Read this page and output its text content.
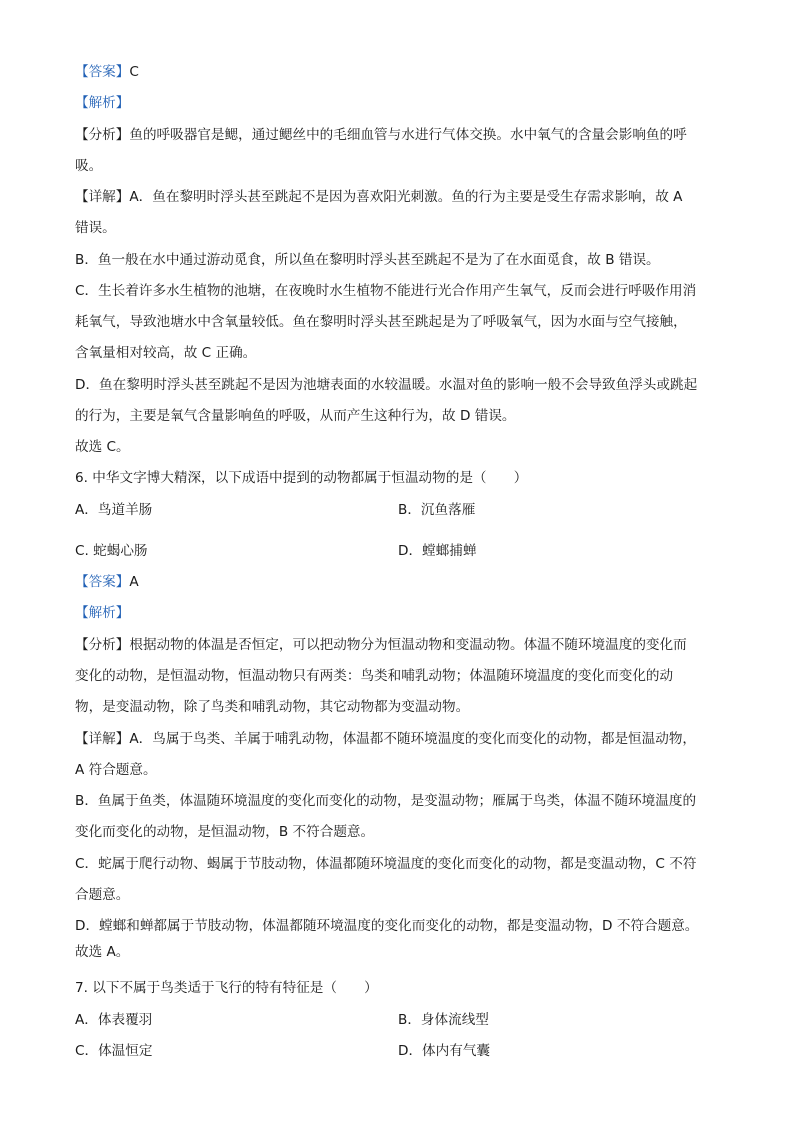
【答案】C
【解析】
【分析】鱼的呼吸器官是鳃，通过鳃丝中的毛细血管与水进行气体交换。水中氧气的含量会影响鱼的呼
吸。
【详解】A．鱼在黎明时浮头甚至跳起不是因为喜欢阳光刺激。鱼的行为主要是受生存需求影响，故 A
错误。
B．鱼一般在水中通过游动觅食，所以鱼在黎明时浮头甚至跳起不是为了在水面觅食，故 B 错误。
C．生长着许多水生植物的池塘，在夜晚时水生植物不能进行光合作用产生氧气，反而会进行呼吸作用消
耗氧气，导致池塘水中含氧量较低。鱼在黎明时浮头甚至跳起是为了呼吸氧气，因为水面与空气接触，
含氧量相对较高，故 C 正确。
D．鱼在黎明时浮头甚至跳起不是因为池塘表面的水较温暖。水温对鱼的影响一般不会导致鱼浮头或跳起
的行为，主要是氧气含量影响鱼的呼吸，从而产生这种行为，故 D 错误。
故选 C。
6. 中华文字博大精深，以下成语中提到的动物都属于恒温动物的是（　　）
A．鸟道羊肠	B．沉鱼落雁
C. 蛇蝎心肠	D．螳螂捕蝉
【答案】A
【解析】
【分析】根据动物的体温是否恒定，可以把动物分为恒温动物和变温动物。体温不随环境温度的变化而
变化的动物，是恒温动物，恒温动物只有两类：鸟类和哺乳动物；体温随环境温度的变化而变化的动
物，是变温动物，除了鸟类和哺乳动物，其它动物都为变温动物。
【详解】A．鸟属于鸟类、羊属于哺乳动物，体温都不随环境温度的变化而变化的动物，都是恒温动物，
A 符合题意。
B．鱼属于鱼类，体温随环境温度的变化而变化的动物，是变温动物；雁属于鸟类，体温不随环境温度的
变化而变化的动物，是恒温动物，B 不符合题意。
C．蛇属于爬行动物、蝎属于节肢动物，体温都随环境温度的变化而变化的动物，都是变温动物，C 不符
合题意。
D．螳螂和蝉都属于节肢动物，体温都随环境温度的变化而变化的动物，都是变温动物，D 不符合题意。
故选 A。
7. 以下不属于鸟类适于飞行的特有特征是（　　）
A．体表覆羽	B．身体流线型
C．体温恒定	D．体内有气囊
